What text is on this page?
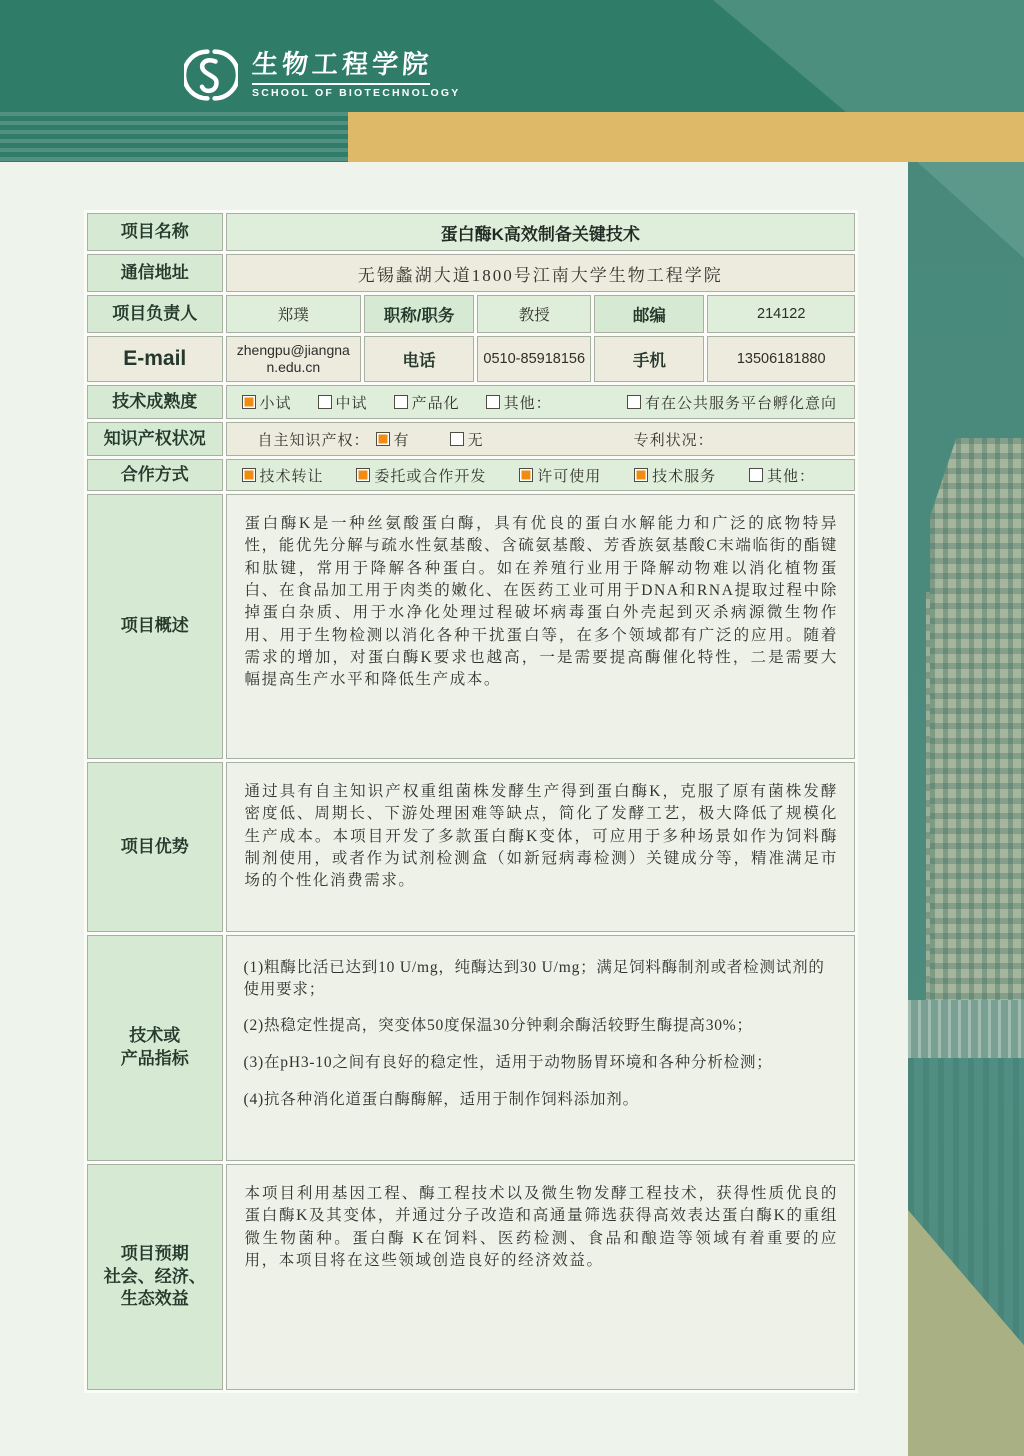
生物工程学院
SCHOOL OF BIOTECHNOLOGY
项目名称	蛋白酶K高效制备关键技术				
通信地址	无锡蠡湖大道1800号江南大学生物工程学院				
项目负责人	郑璞	职称/职务	教授	邮编	214122
E-mail	zhengpu@jiangnan.edu.cn	电话	0510-85918156	手机	13506181880
技术成熟度	小试 中试 产品化 其他： 有在公共服务平台孵化意向				

知识产权状况	自主知识产权： 有 无 专利状况：				

合作方式	技术转让 委托或合作开发 许可使用 技术服务 其他：				

项目概述	蛋白酶K是一种丝氨酸蛋白酶，具有优良的蛋白水解能力和广泛的底物特异性，能优先分解与疏水性氨基酸、含硫氨基酸、芳香族氨基酸C末端临街的酯键和肽键，常用于降解各种蛋白。如在养殖行业用于降解动物难以消化植物蛋白、在食品加工用于肉类的嫩化、在医药工业可用于DNA和RNA提取过程中除掉蛋白杂质、用于水净化处理过程破坏病毒蛋白外壳起到灭杀病源微生物作用、用于生物检测以消化各种干扰蛋白等，在多个领域都有广泛的应用。随着需求的增加，对蛋白酶K要求也越高，一是需要提高酶催化特性，二是需要大幅提高生产水平和降低生产成本。				

项目优势	通过具有自主知识产权重组菌株发酵生产得到蛋白酶K，克服了原有菌株发酵密度低、周期长、下游处理困难等缺点，简化了发酵工艺，极大降低了规模化生产成本。本项目开发了多款蛋白酶K变体，可应用于多种场景如作为饲料酶制剂使用，或者作为试剂检测盒（如新冠病毒检测）关键成分等，精准满足市场的个性化消费需求。				

技术或
产品指标	

(1)粗酶比活已达到10 U/mg，纯酶达到30 U/mg；满足饲料酶制剂或者检测试剂的使用要求；

(2)热稳定性提高，突变体50度保温30分钟剩余酶活较野生酶提高30%；

(3)在pH3-10之间有良好的稳定性，适用于动物肠胃环境和各种分析检测；

(4)抗各种消化道蛋白酶酶解，适用于制作饲料添加剂。

项目预期
社会、经济、
生态效益	本项目利用基因工程、酶工程技术以及微生物发酵工程技术，获得性质优良的蛋白酶K及其变体，并通过分子改造和高通量筛选获得高效表达蛋白酶K的重组微生物菌种。蛋白酶 K在饲料、医药检测、食品和酿造等领域有着重要的应用，本项目将在这些领域创造良好的经济效益。				
